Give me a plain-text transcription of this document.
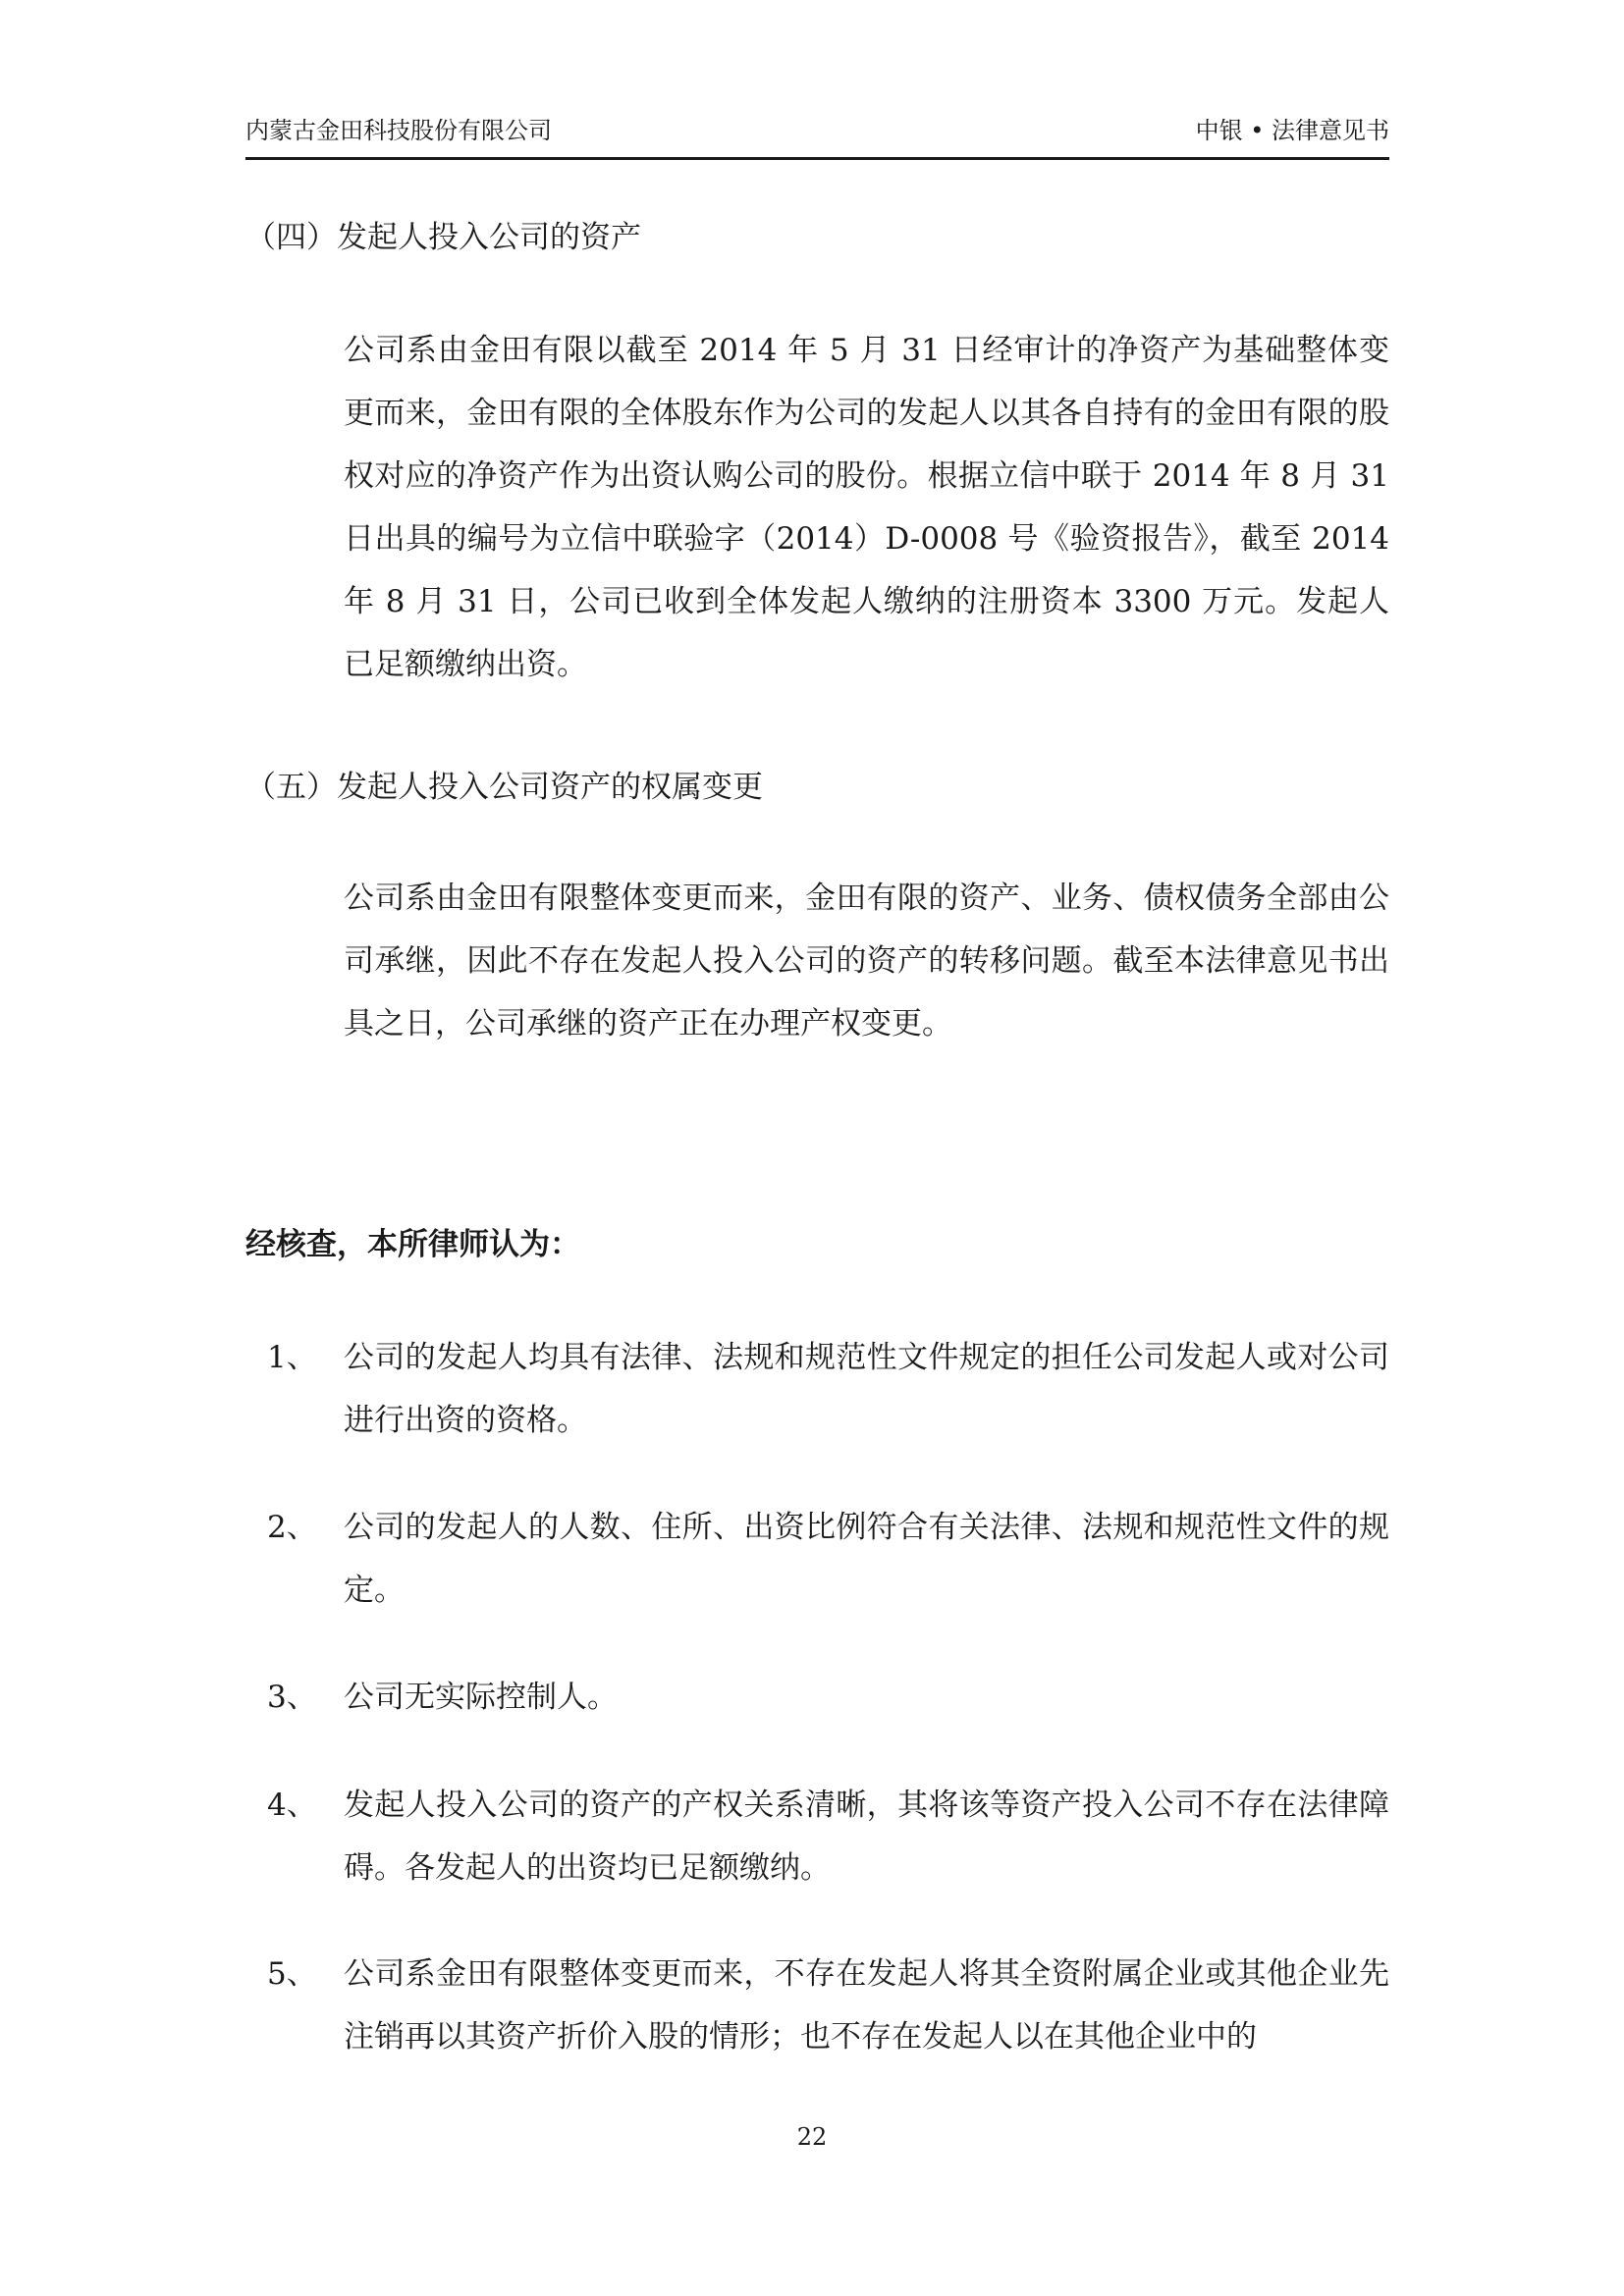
内蒙古金田科技股份有限公司	中银 • 法律意见书
（四）发起人投入公司的资产
公司系由金田有限以截至 2014 年 5 月 31 日经审计的净资产为基础整体变更而来，金田有限的全体股东作为公司的发起人以其各自持有的金田有限的股权对应的净资产作为出资认购公司的股份。根据立信中联于 2014 年 8 月 31 日出具的编号为立信中联验字（2014）D-0008 号《验资报告》，截至 2014 年 8 月 31 日，公司已收到全体发起人缴纳的注册资本 3300 万元。发起人已足额缴纳出资。
（五）发起人投入公司资产的权属变更
公司系由金田有限整体变更而来，金田有限的资产、业务、债权债务全部由公司承继，因此不存在发起人投入公司的资产的转移问题。截至本法律意见书出具之日，公司承继的资产正在办理产权变更。
经核查，本所律师认为：
1、 公司的发起人均具有法律、法规和规范性文件规定的担任公司发起人或对公司进行出资的资格。
2、 公司的发起人的人数、住所、出资比例符合有关法律、法规和规范性文件的规定。
3、 公司无实际控制人。
4、 发起人投入公司的资产的产权关系清晰，其将该等资产投入公司不存在法律障碍。各发起人的出资均已足额缴纳。
5、 公司系金田有限整体变更而来，不存在发起人将其全资附属企业或其他企业先注销再以其资产折价入股的情形；也不存在发起人以在其他企业中的
22
